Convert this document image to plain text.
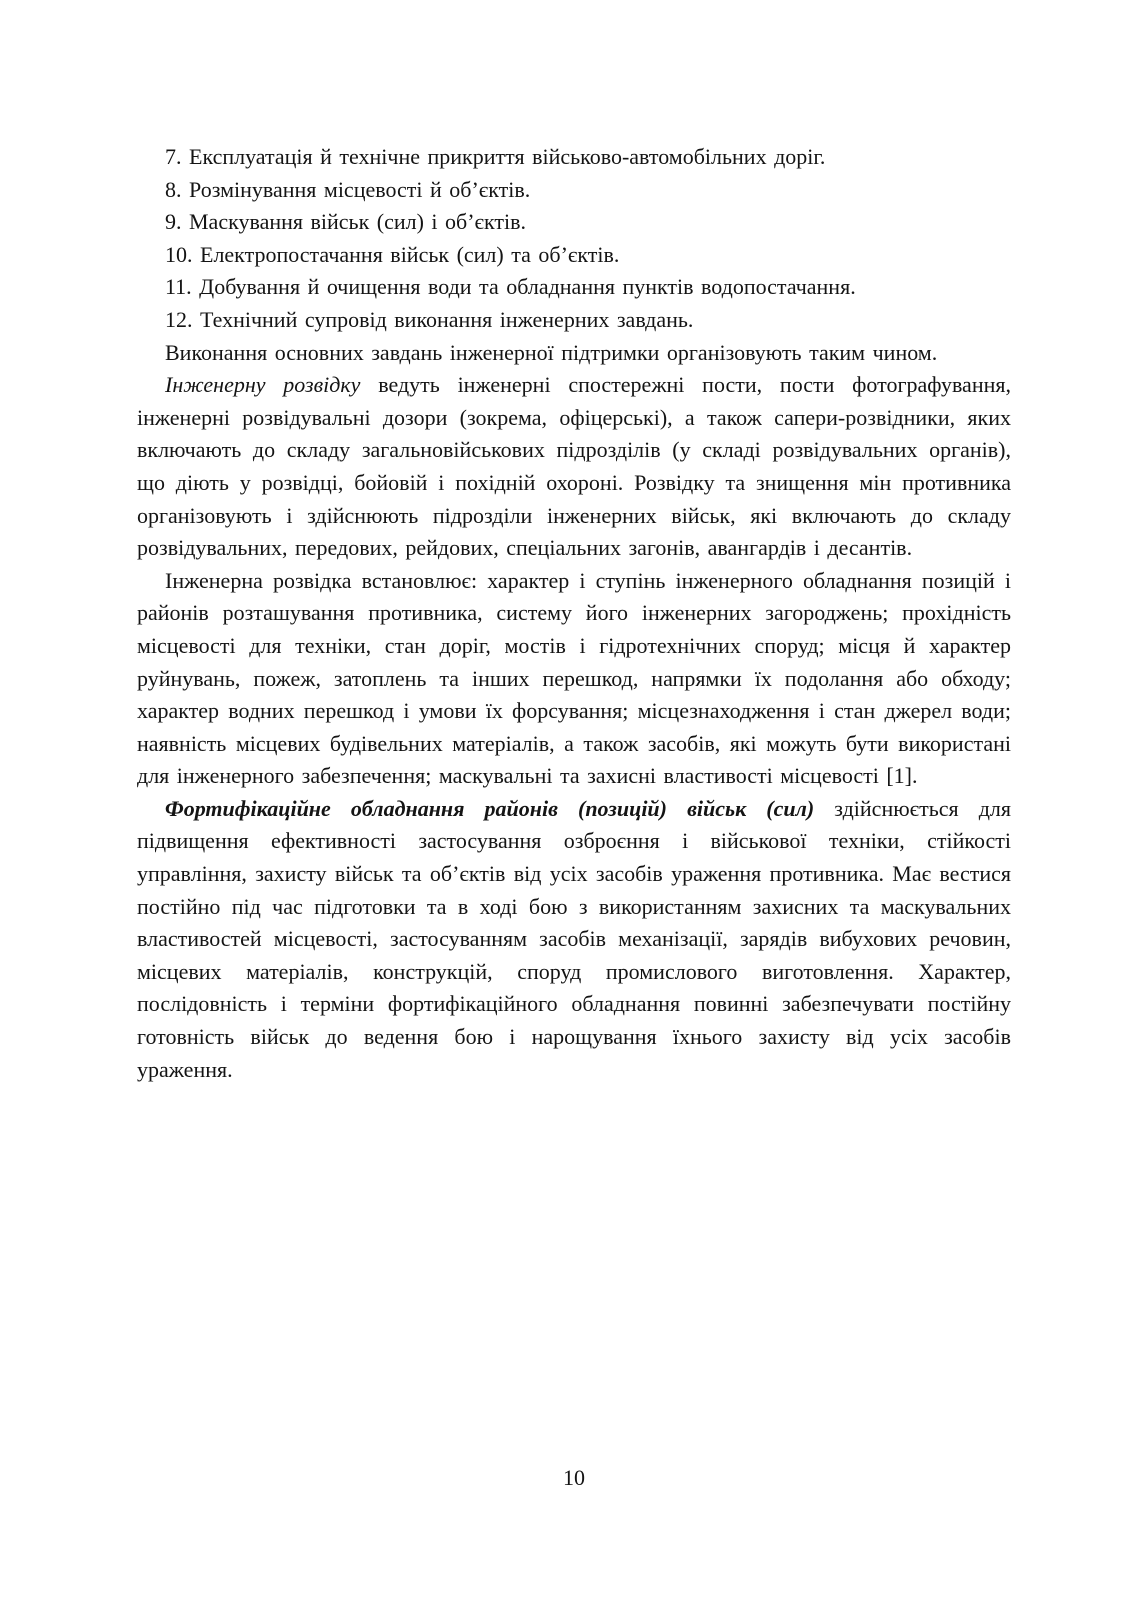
7. Експлуатація й технічне прикриття військово-автомобільних доріг.

8. Розмінування місцевості й об’єктів.

9. Маскування військ (сил) і об’єктів.

10. Електропостачання військ (сил) та об’єктів.

11. Добування й очищення води та обладнання пунктів водопостачання.

12. Технічний супровід виконання інженерних завдань.

Виконання основних завдань інженерної підтримки організовують таким чином.

Інженерну розвідку ведуть інженерні спостережні пости, пости фотографування, інженерні розвідувальні дозори (зокрема, офіцерські), а також сапери-розвідники, яких включають до складу загальновійськових підрозділів (у складі розвідувальних органів), що діють у розвідці, бойовій і похідній охороні. Розвідку та знищення мін противника організовують і здійснюють підрозділи інженерних військ, які включають до складу розвідувальних, передових, рейдових, спеціальних загонів, авангардів і десантів.

Інженерна розвідка встановлює: характер і ступінь інженерного обладнання позицій і районів розташування противника, систему його інженерних загороджень; прохідність місцевості для техніки, стан доріг, мостів і гідротехнічних споруд; місця й характер руйнувань, пожеж, затоплень та інших перешкод, напрямки їх подолання або обходу; характер водних перешкод і умови їх форсування; місцезнаходження і стан джерел води; наявність місцевих будівельних матеріалів, а також засобів, які можуть бути використані для інженерного забезпечення; маскувальні та захисні властивості місцевості [1].

Фортифікаційне обладнання районів (позицій) військ (сил) здійснюється для підвищення ефективності застосування озброєння і військової техніки, стійкості управління, захисту військ та об’єктів від усіх засобів ураження противника. Має вестися постійно під час підготовки та в ході бою з використанням захисних та маскувальних властивостей місцевості, застосуванням засобів механізації, зарядів вибухових речовин, місцевих матеріалів, конструкцій, споруд промислового виготовлення. Характер, послідовність і терміни фортифікаційного обладнання повинні забезпечувати постійну готовність військ до ведення бою і нарощування їхнього захисту від усіх засобів ураження.

10
